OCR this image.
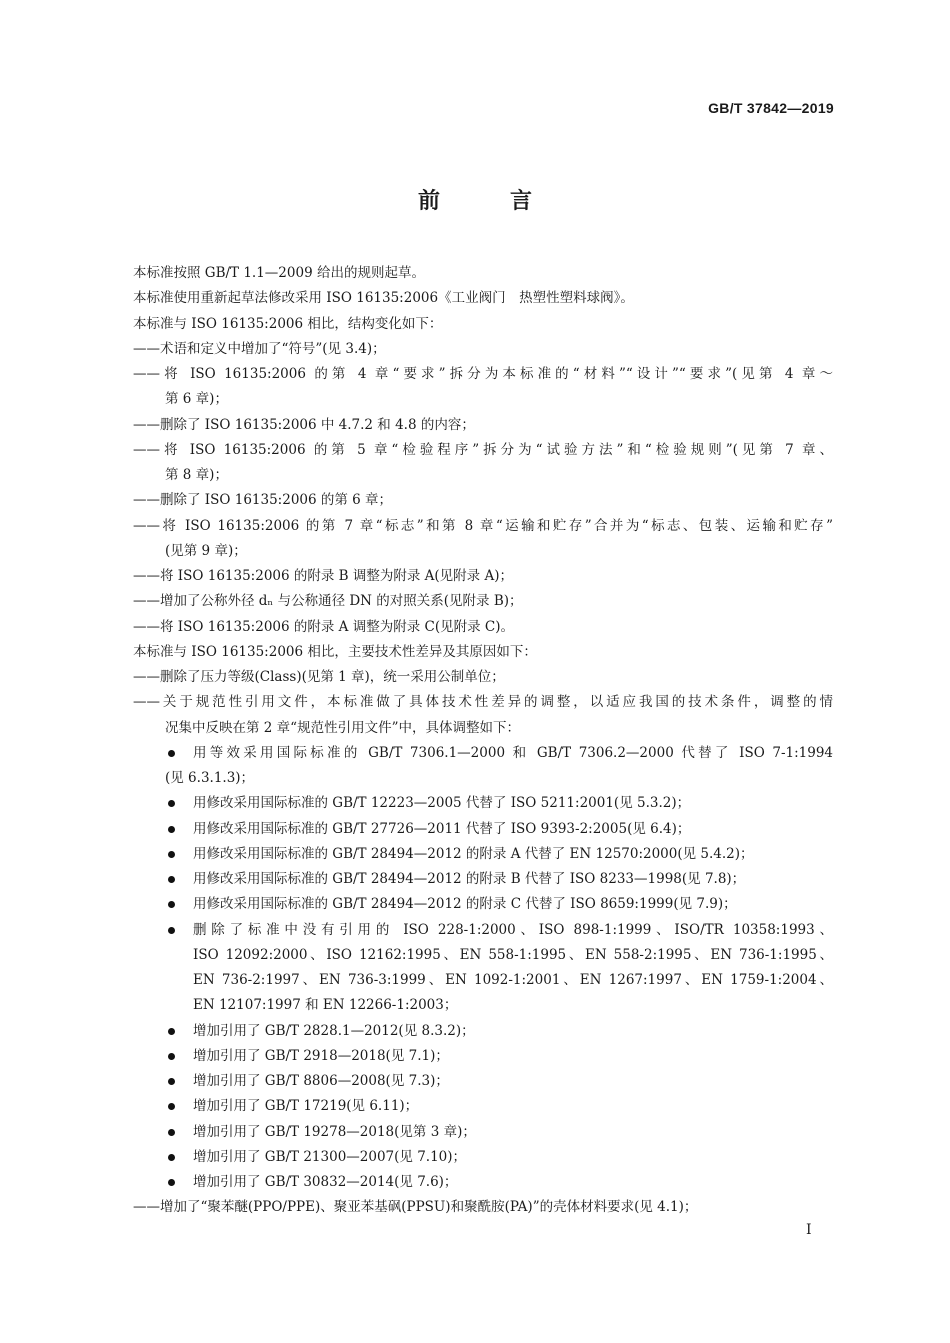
GB/T 37842—2019
前　言
本标准按照 GB/T 1.1—2009 给出的规则起草。
本标准使用重新起草法修改采用 ISO 16135:2006《工业阀门　热塑性塑料球阀》。
本标准与 ISO 16135:2006 相比，结构变化如下：
——术语和定义中增加了“符号”(见 3.4)；
——将 ISO 16135:2006 的第 4 章“要求”拆分为本标准的“材料”“设计”“要求”(见第 4 章～
第 6 章)；
——删除了 ISO 16135:2006 中 4.7.2 和 4.8 的内容；
——将 ISO 16135:2006 的第 5 章“检验程序”拆分为“试验方法”和“检验规则”(见第 7 章、
第 8 章)；
——删除了 ISO 16135:2006 的第 6 章；
——将 ISO 16135:2006 的第 7 章“标志”和第 8 章“运输和贮存”合并为“标志、包装、运输和贮存”
(见第 9 章)；
——将 ISO 16135:2006 的附录 B 调整为附录 A(见附录 A)；
——增加了公称外径 dₙ 与公称通径 DN 的对照关系(见附录 B)；
——将 ISO 16135:2006 的附录 A 调整为附录 C(见附录 C)。
本标准与 ISO 16135:2006 相比，主要技术性差异及其原因如下：
——删除了压力等级(Class)(见第 1 章)，统一采用公制单位；
——关于规范性引用文件，本标准做了具体技术性差异的调整，以适应我国的技术条件，调整的情
况集中反映在第 2 章“规范性引用文件”中，具体调整如下：
用等效采用国际标准的 GB/T 7306.1—2000 和 GB/T 7306.2—2000 代替了 ISO 7-1:1994
(见 6.3.1.3)；
用修改采用国际标准的 GB/T 12223—2005 代替了 ISO 5211:2001(见 5.3.2)；
用修改采用国际标准的 GB/T 27726—2011 代替了 ISO 9393-2:2005(见 6.4)；
用修改采用国际标准的 GB/T 28494—2012 的附录 A 代替了 EN 12570:2000(见 5.4.2)；
用修改采用国际标准的 GB/T 28494—2012 的附录 B 代替了 ISO 8233—1998(见 7.8)；
用修改采用国际标准的 GB/T 28494—2012 的附录 C 代替了 ISO 8659:1999(见 7.9)；
删除了标准中没有引用的 ISO 228-1:2000、ISO 898-1:1999、ISO/TR 10358:1993、
ISO 12092:2000、ISO 12162:1995、EN 558-1:1995、EN 558-2:1995、EN 736-1:1995、
EN 736-2:1997、EN 736-3:1999、EN 1092-1:2001、EN 1267:1997、EN 1759-1:2004、
EN 12107:1997 和 EN 12266-1:2003；
增加引用了 GB/T 2828.1—2012(见 8.3.2)；
增加引用了 GB/T 2918—2018(见 7.1)；
增加引用了 GB/T 8806—2008(见 7.3)；
增加引用了 GB/T 17219(见 6.11)；
增加引用了 GB/T 19278—2018(见第 3 章)；
增加引用了 GB/T 21300—2007(见 7.10)；
增加引用了 GB/T 30832—2014(见 7.6)；
——增加了“聚苯醚(PPO/PPE)、聚亚苯基砜(PPSU)和聚酰胺(PA)”的壳体材料要求(见 4.1)；
I
